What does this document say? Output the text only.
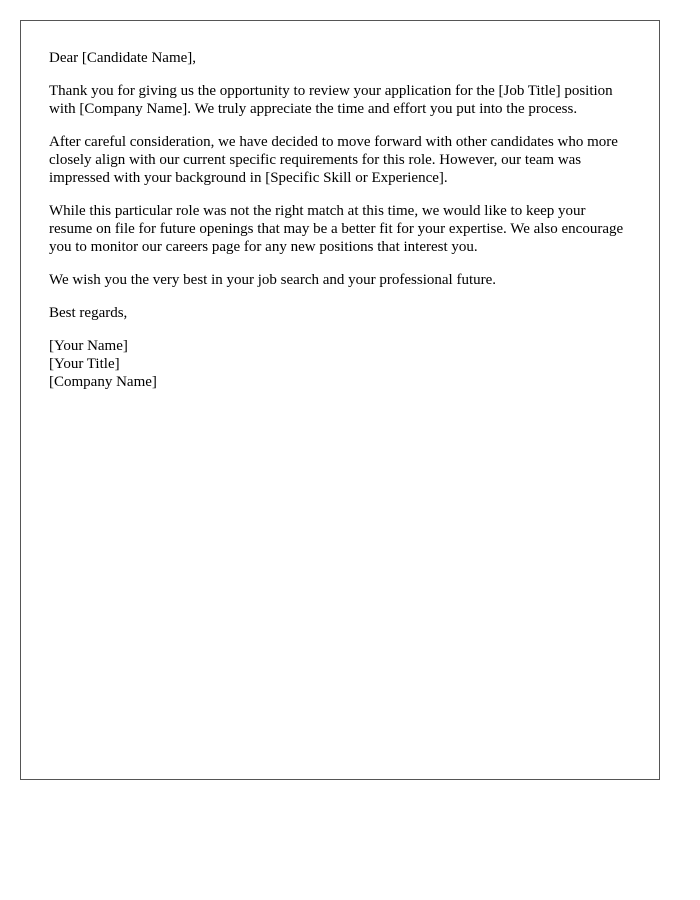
Dear [Candidate Name],

Thank you for giving us the opportunity to review your application for the [Job Title] position with [Company Name]. We truly appreciate the time and effort you put into the process.

After careful consideration, we have decided to move forward with other candidates who more closely align with our current specific requirements for this role. However, our team was impressed with your background in [Specific Skill or Experience].

While this particular role was not the right match at this time, we would like to keep your resume on file for future openings that may be a better fit for your expertise. We also encourage you to monitor our careers page for any new positions that interest you.

We wish you the very best in your job search and your professional future.

Best regards,

[Your Name]
[Your Title]
[Company Name]
